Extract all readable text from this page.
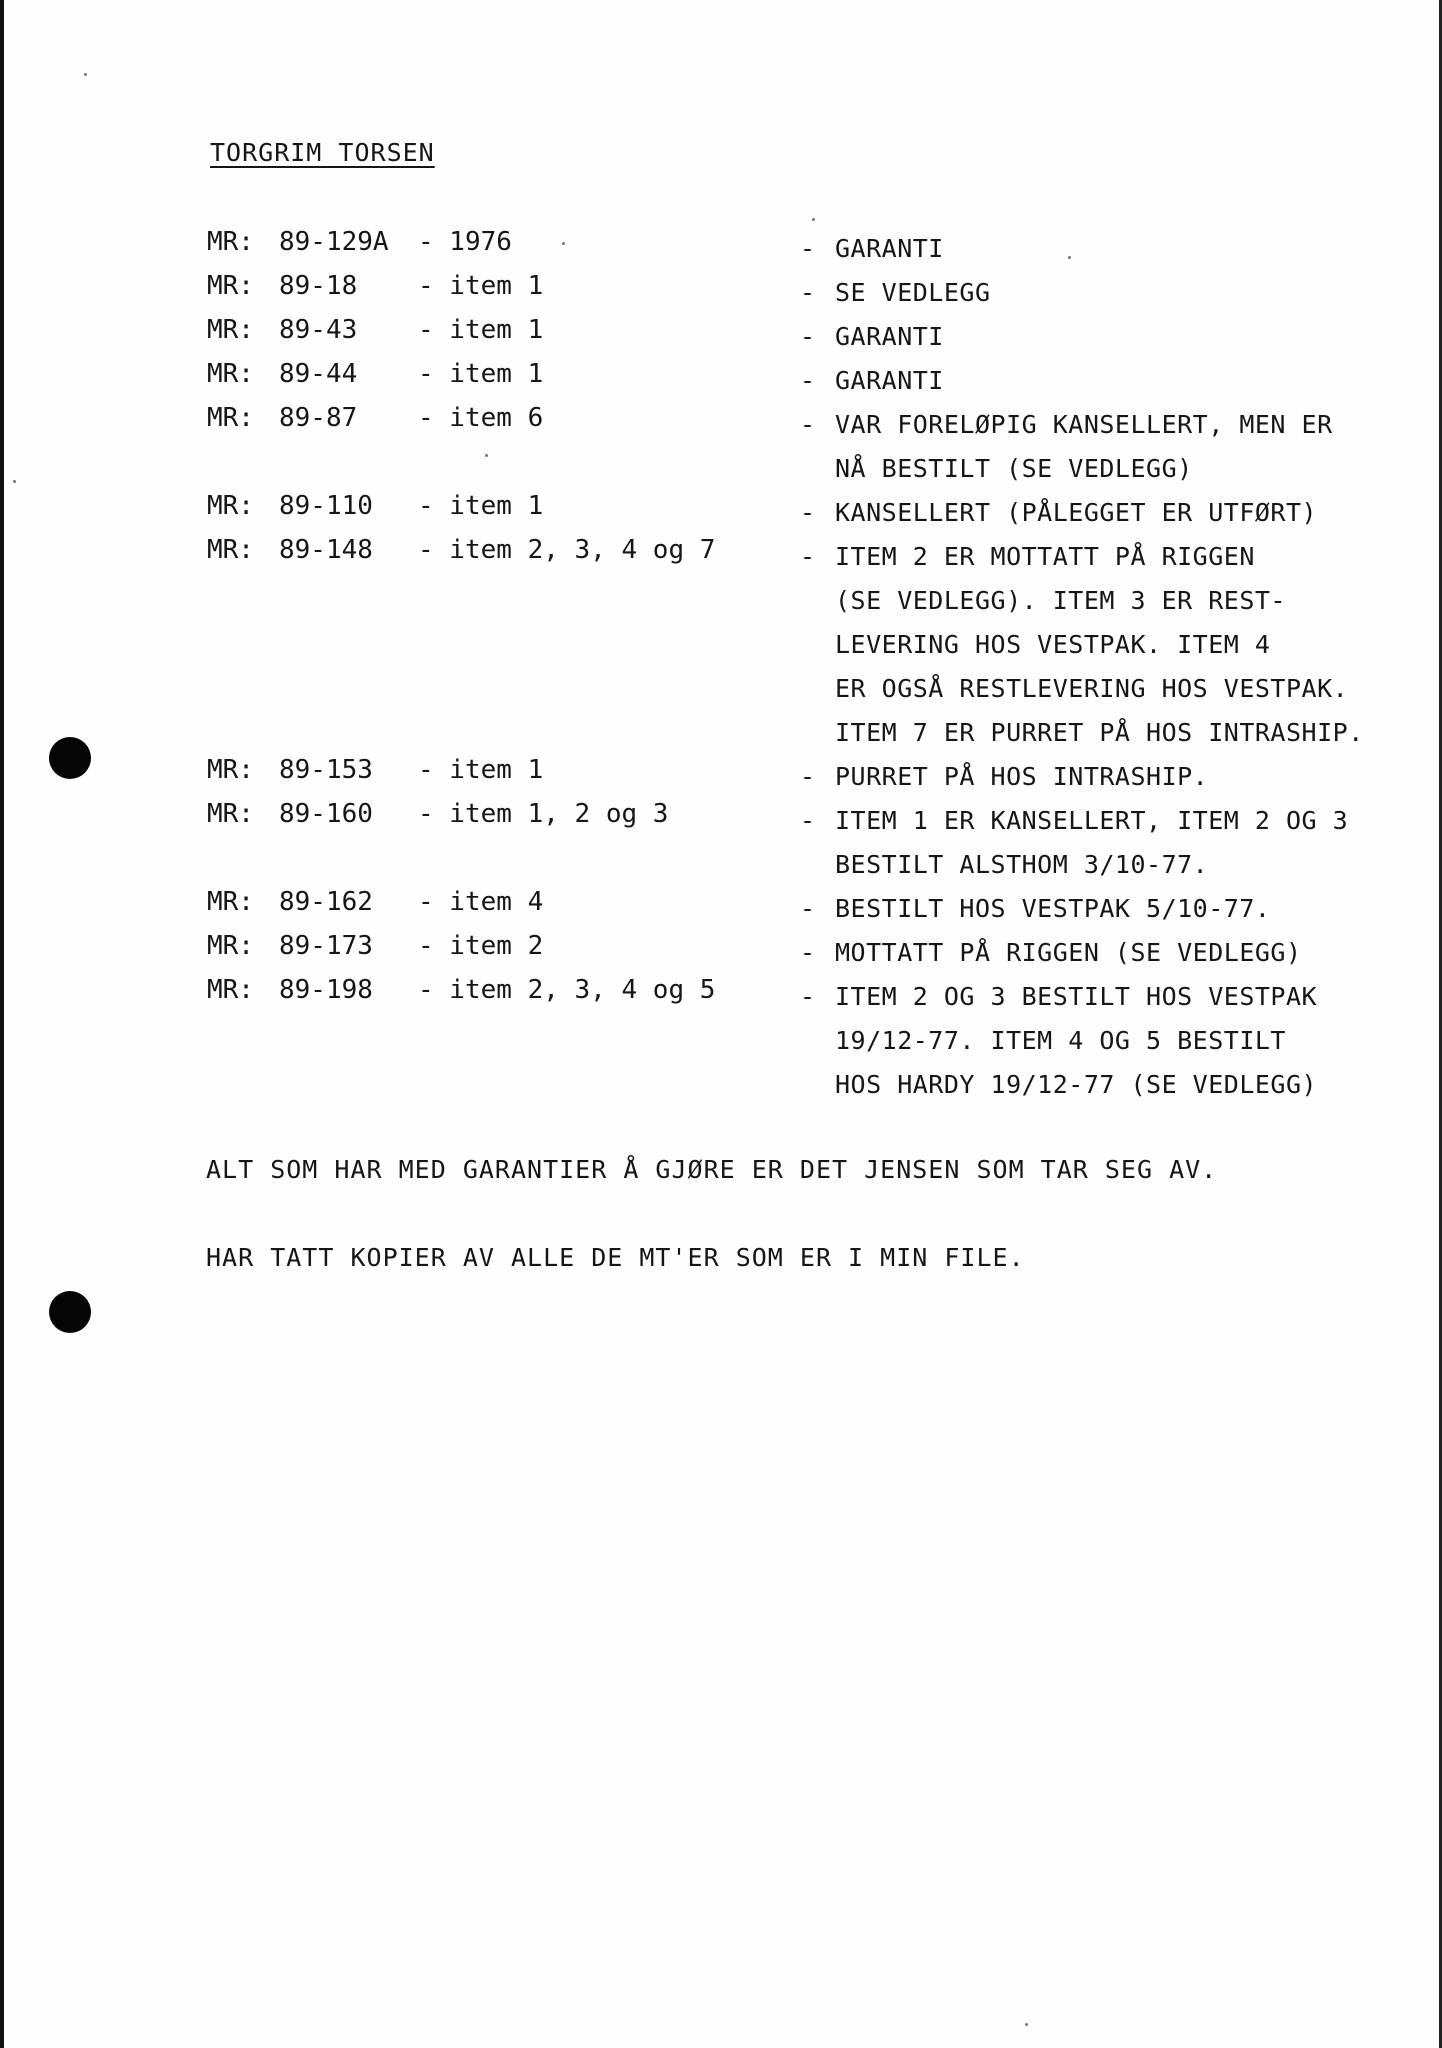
TORGRIM TORSEN
MR: 89-129A - 1976	- GARANTI
MR: 89-18 - item 1	- SE VEDLEGG
MR: 89-43 - item 1	- GARANTI
MR: 89-44 - item 1	- GARANTI
MR: 89-87 - item 6	- VAR FORELØPIG KANSELLERT, MEN ER
NÅ BESTILT (SE VEDLEGG)
MR: 89-110 - item 1	- KANSELLERT (PÅLEGGET ER UTFØRT)
MR: 89-148 - item 2, 3, 4 og 7	- ITEM 2 ER MOTTATT PÅ RIGGEN
(SE VEDLEGG). ITEM 3 ER REST-
LEVERING HOS VESTPAK. ITEM 4
ER OGSÅ RESTLEVERING HOS VESTPAK.
ITEM 7 ER PURRET PÅ HOS INTRASHIP.
MR: 89-153 - item 1	- PURRET PÅ HOS INTRASHIP.
MR: 89-160 - item 1, 2 og 3	- ITEM 1 ER KANSELLERT, ITEM 2 OG 3
BESTILT ALSTHOM 3/10-77.
MR: 89-162 - item 4	- BESTILT HOS VESTPAK 5/10-77.
MR: 89-173 - item 2	- MOTTATT PÅ RIGGEN (SE VEDLEGG)
MR: 89-198 - item 2, 3, 4 og 5	- ITEM 2 OG 3 BESTILT HOS VESTPAK
19/12-77. ITEM 4 OG 5 BESTILT
HOS HARDY 19/12-77 (SE VEDLEGG)
ALT SOM HAR MED GARANTIER Å GJØRE ER DET JENSEN SOM TAR SEG AV.
HAR TATT KOPIER AV ALLE DE MT'ER SOM ER I MIN FILE.
